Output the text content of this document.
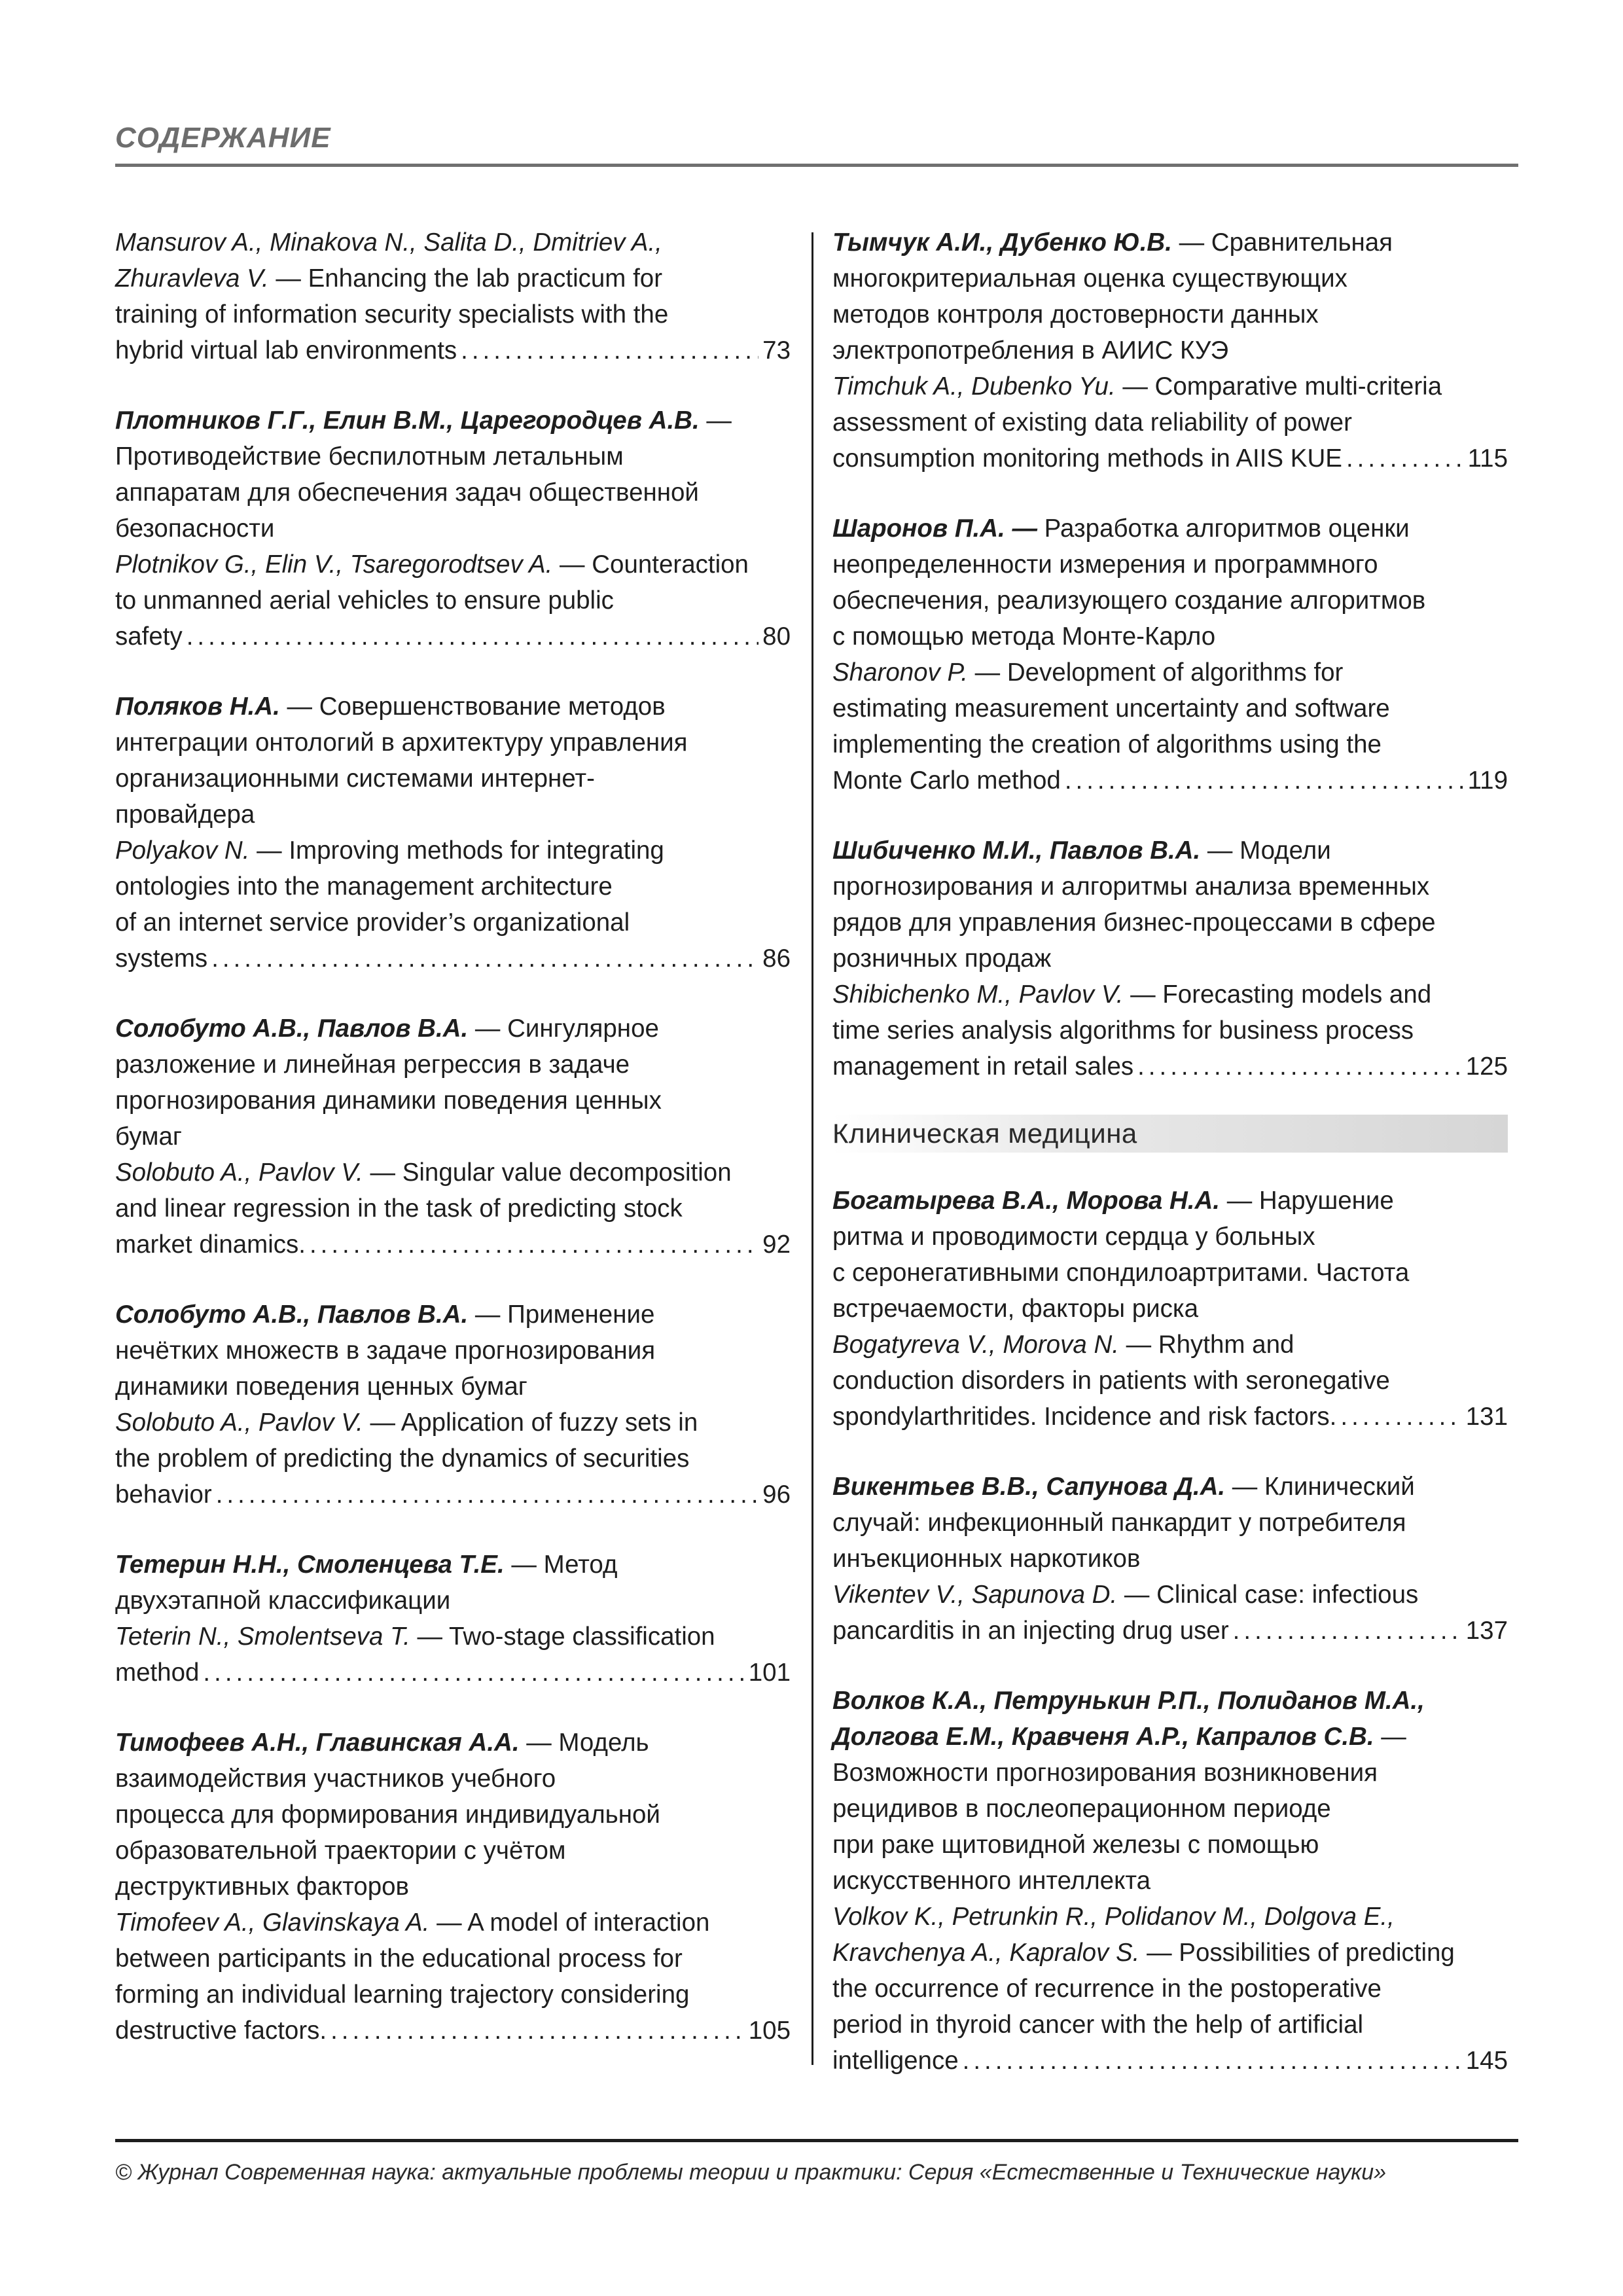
СОДЕРЖАНИЕ
Mansurov A., Minakova N., Salita D., Dmitriev A.,
Zhuravleva V. — Enhancing the lab practicum for
training of information security specialists with the
hybrid virtual lab environments .....	73
Плотников Г.Г., Елин В.М., Царегородцев А.В. —
Противодействие беспилотным летальным
аппаратам для обеспечения задач общественной
безопасности
Plotnikov G., Elin V., Tsaregorodtsev A. — Counteraction
to unmanned aerial vehicles to ensure public
safety .....	80
Поляков Н.А. — Совершенствование методов
интеграции онтологий в архитектуру управления
организационными системами интернет-
провайдера
Polyakov N. — Improving methods for integrating
ontologies into the management architecture
of an internet service provider’s organizational
systems .....	86
Солобуто А.В., Павлов В.А. — Сингулярное
разложение и линейная регрессия в задаче
прогнозирования динамики поведения ценных
бумаг
Solobuto A., Pavlov V. — Singular value decomposition
and linear regression in the task of predicting stock
market dinamics. .....	92
Солобуто А.В., Павлов В.А. — Применение
нечётких множеств в задаче прогнозирования
динамики поведения ценных бумаг
Solobuto A., Pavlov V. — Application of fuzzy sets in
the problem of predicting the dynamics of securities
behavior .....	96
Тетерин Н.Н., Смоленцева Т.Е. — Метод
двухэтапной классификации
Teterin N., Smolentseva T. — Two-stage classification
method .....	101
Тимофеев А.Н., Главинская А.А. — Модель
взаимодействия участников учебного
процесса для формирования индивидуальной
образовательной траектории с учётом
деструктивных факторов
Timofeev A., Glavinskaya A. — A model of interaction
between participants in the educational process for
forming an individual learning trajectory considering
destructive factors. .....	105
Тымчук А.И., Дубенко Ю.В. — Сравнительная
многокритериальная оценка существующих
методов контроля достоверности данных
электропотребления в АИИС КУЭ
Timchuk A., Dubenko Yu. — Comparative multi-criteria
assessment of existing data reliability of power
consumption monitoring methods in AIIS KUE .....	115
Шаронов П.А. — Разработка алгоритмов оценки
неопределенности измерения и программного
обеспечения, реализующего создание алгоритмов
с помощью метода Монте-Карло
Sharonov P. — Development of algorithms for
estimating measurement uncertainty and software
implementing the creation of algorithms using the
Monte Carlo method .....	119
Шибиченко М.И., Павлов В.А. — Модели
прогнозирования и алгоритмы анализа временных
рядов для управления бизнес-процессами в сфере
розничных продаж
Shibichenko M., Pavlov V. — Forecasting models and
time series analysis algorithms for business process
management in retail sales .....	125
Клиническая медицина
Богатырева В.А., Морова Н.А. — Нарушение
ритма и проводимости сердца у больных
с серонегативными спондилоартритами. Частота
встречаемости, факторы риска
Bogatyreva V., Morova N. — Rhythm and
conduction disorders in patients with seronegative
spondylarthritides. Incidence and risk factors. .....	131
Викентьев В.В., Сапунова Д.А. — Клинический
случай: инфекционный панкардит у потребителя
инъекционных наркотиков
Vikentev V., Sapunova D. — Clinical case: infectious
pancarditis in an injecting drug user .....	137
Волков К.А., Петрунькин Р.П., Полиданов М.А.,
Долгова Е.М., Кравченя А.Р., Капралов С.В. —
Возможности прогнозирования возникновения
рецидивов в послеоперационном периоде
при раке щитовидной железы с помощью
искусственного интеллекта
Volkov K., Petrunkin R., Polidanov M., Dolgova E.,
Kravchenya A., Kapralov S. — Possibilities of predicting
the occurrence of recurrence in the postoperative
period in thyroid cancer with the help of artificial
intelligence .....	145
© Журнал Современная наука: актуальные проблемы теории и практики: Серия «Естественные и Технические науки»
